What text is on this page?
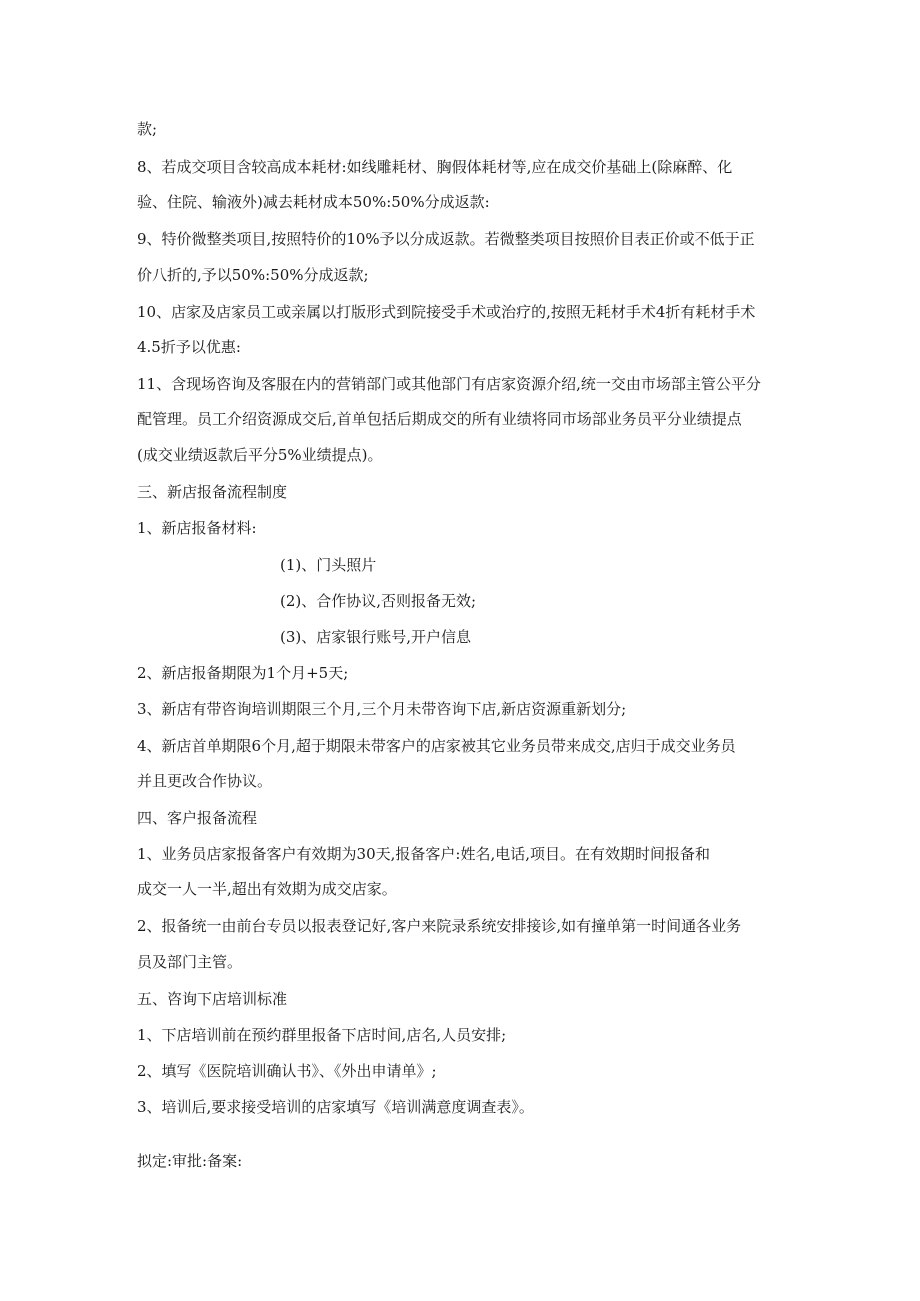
款;
8、若成交项目含较高成本耗材:如线雕耗材、胸假体耗材等,应在成交价基础上(除麻醉、化
验、住院、输液外)减去耗材成本50%:50%分成返款:
9、特价微整类项目,按照特价的10%予以分成返款。若微整类项目按照价目表正价或不低于正
价八折的,予以50%:50%分成返款;
10、店家及店家员工或亲属以打版形式到院接受手术或治疗的,按照无耗材手术4折有耗材手术
4.5折予以优惠:
11、含现场咨询及客服在内的营销部门或其他部门有店家资源介绍,统一交由市场部主管公平分
配管理。员工介绍资源成交后,首单包括后期成交的所有业绩将同市场部业务员平分业绩提点
(成交业绩返款后平分5%业绩提点)。
三、新店报备流程制度
1、新店报备材料:
(1)、门头照片
(2)、合作协议,否则报备无效;
(3)、店家银行账号,开户信息
2、新店报备期限为1个月+5天;
3、新店有带咨询培训期限三个月,三个月未带咨询下店,新店资源重新划分;
4、新店首单期限6个月,超于期限未带客户的店家被其它业务员带来成交,店归于成交业务员
并且更改合作协议。
四、客户报备流程
1、业务员店家报备客户有效期为30天,报备客户:姓名,电话,项目。在有效期时间报备和
成交一人一半,超出有效期为成交店家。
2、报备统一由前台专员以报表登记好,客户来院录系统安排接诊,如有撞单第一时间通各业务
员及部门主管。
五、咨询下店培训标准
1、下店培训前在预约群里报备下店时间,店名,人员安排;
2、填写《医院培训确认书》、《外出申请单》;
3、培训后,要求接受培训的店家填写《培训满意度调查表》。
拟定:审批:备案:
